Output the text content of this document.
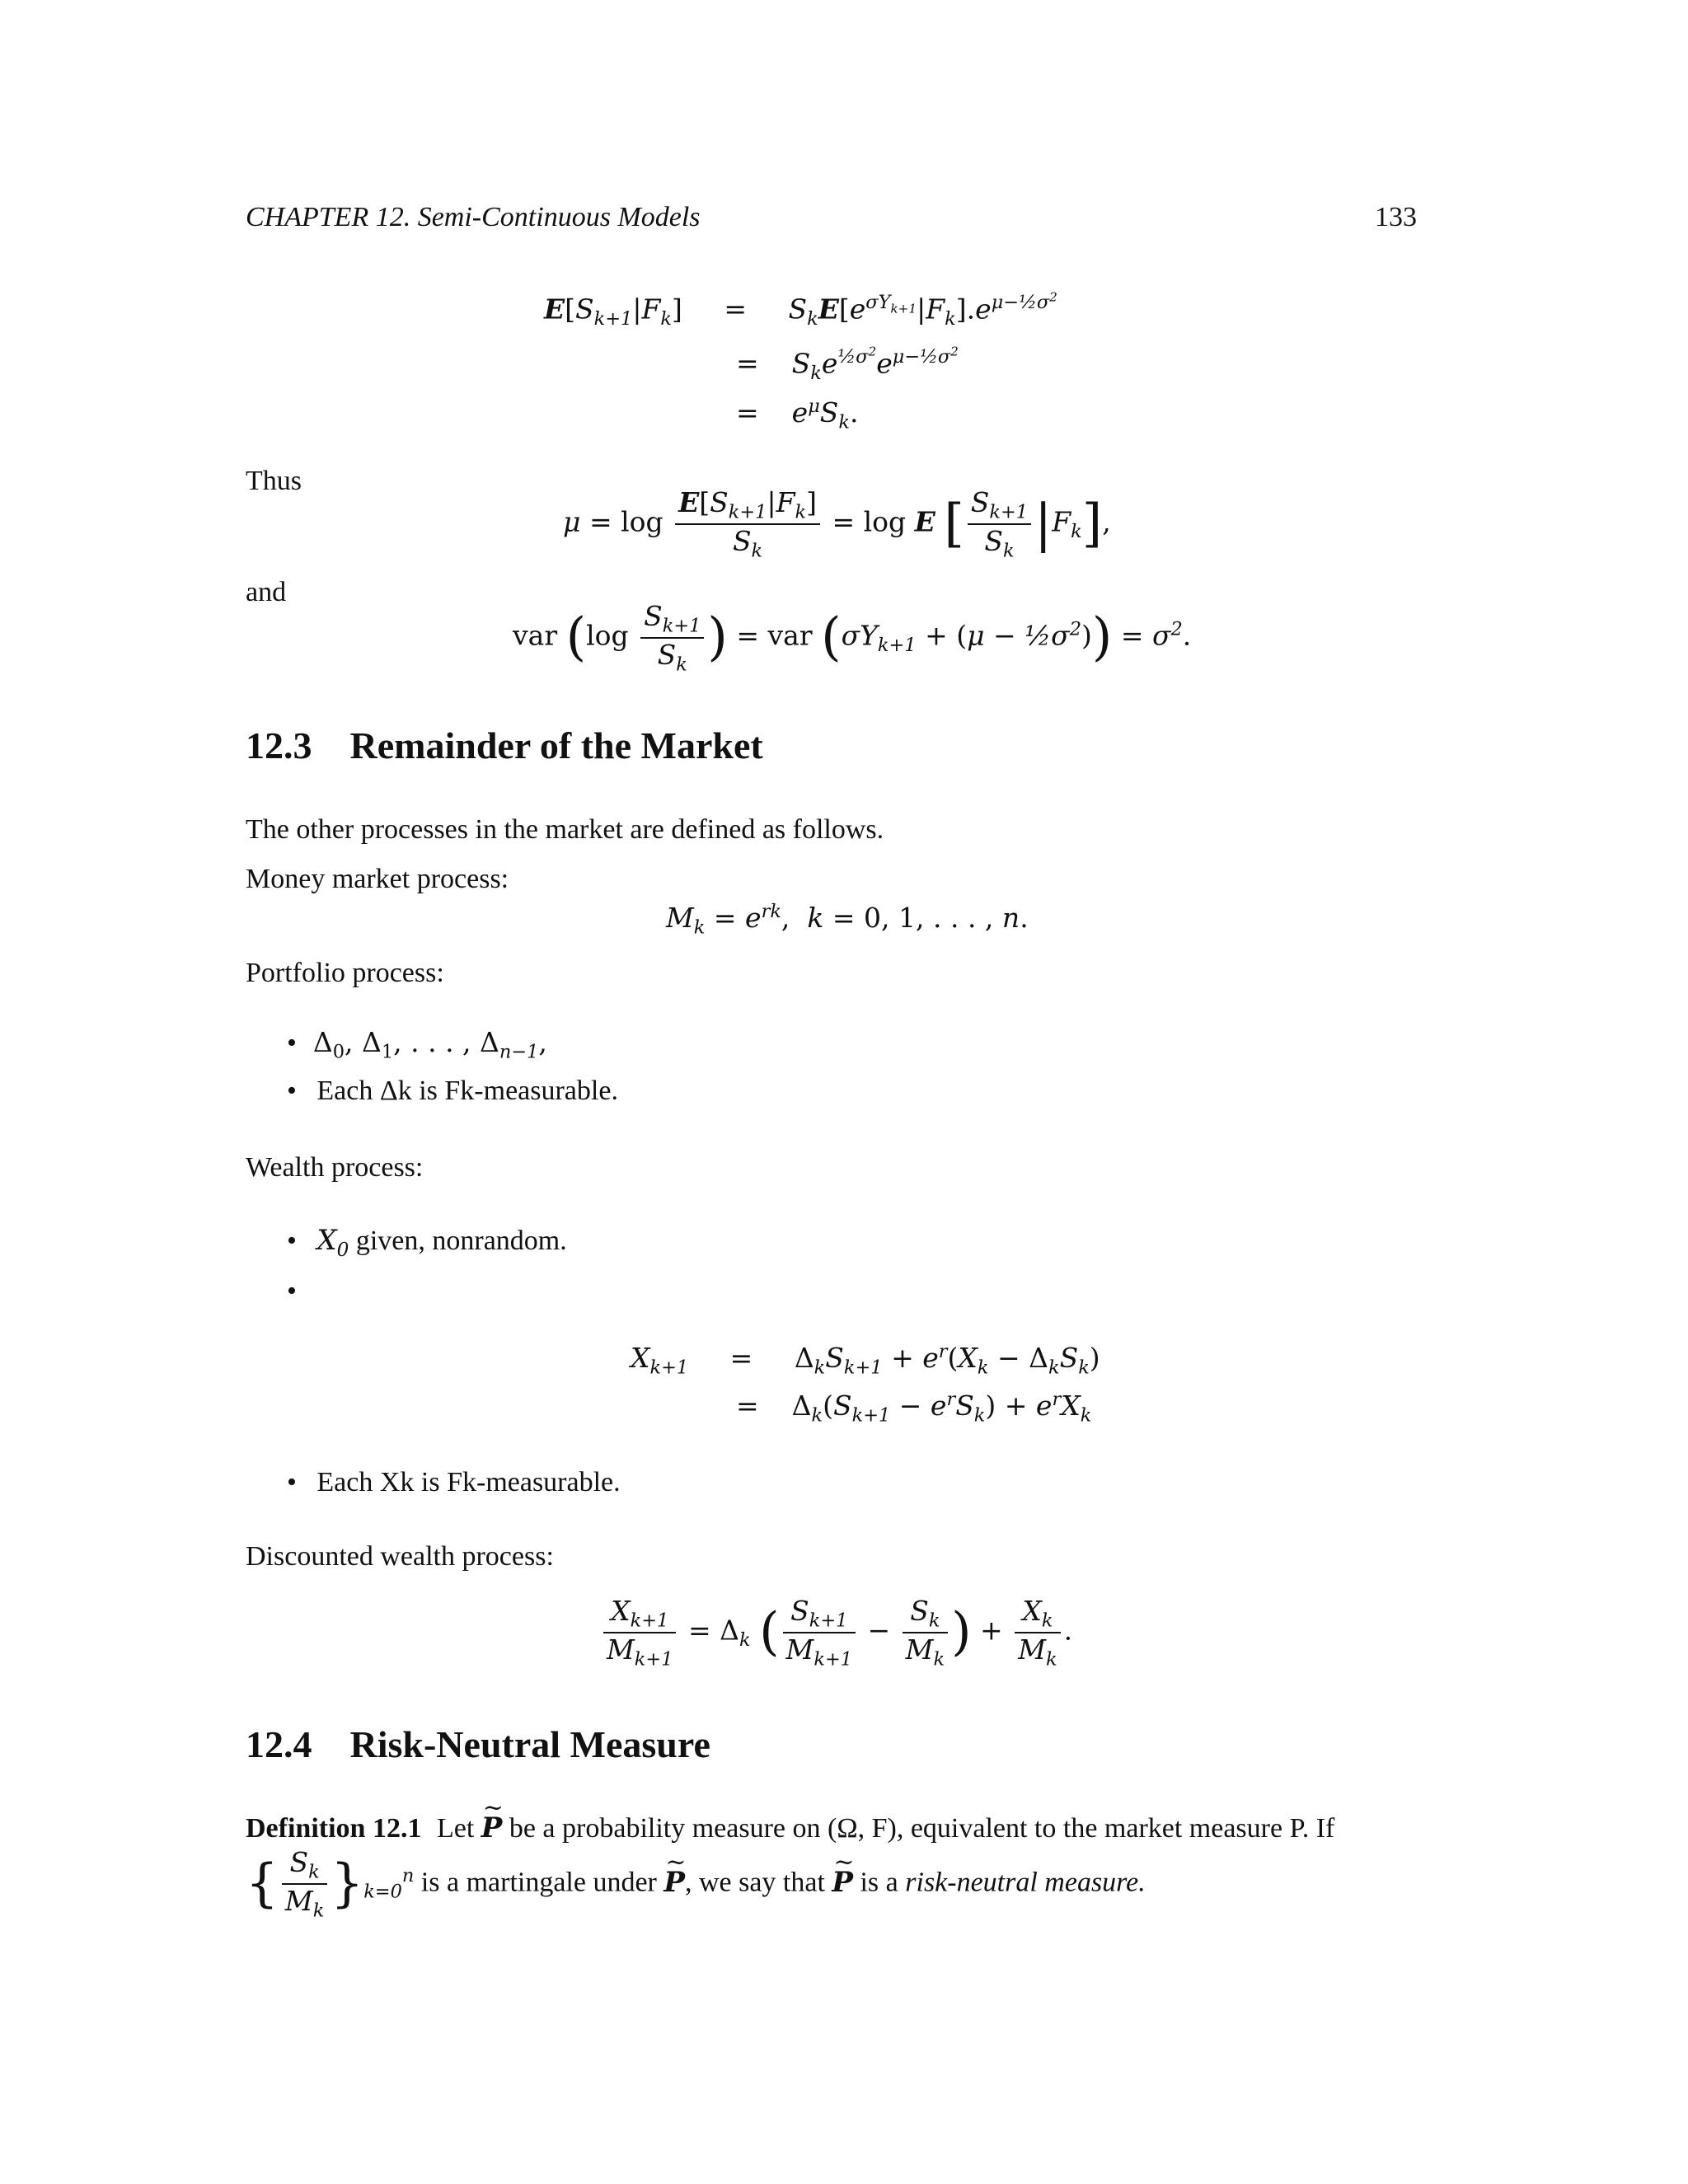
CHAPTER 12. Semi-Continuous Models	133
$E[S_{k+1}|F_k] = S_kE[e^{\sigma Y_{k+1}}|F_k].e^{\mu-\frac{1}{2}\sigma^2}$
= $S_ke^{\frac{1}{2}\sigma^2}e^{\mu-\frac{1}{2}\sigma^2}$
= $e^\mu S_k$.
Thus
$\mu = \log \frac{E[S_{k+1}|F_k]}{S_k} = \log E$ [ $\frac{S_{k+1}}{S_k} |F_k$],
and
var ($\log \frac{S_{k+1}}{S_k}$ ) = var ($\sigma Y_{k+1} + (\mu$ − $\frac{1}{2}\sigma^2)) = \sigma^2$.
12.3    Remainder of the Market
The other processes in the market are defined as follows.
Money market process:
$M_k = e^{rk}$,  k = 0, 1, . . . , n.
Portfolio process:
• $\Delta_0$, $\Delta_1$, . . . , $\Delta_{n-1}$,
• Each Δk is Fk-measurable.
Wealth process:
• $X_0$ given, nonrandom.
•
$X_{k+1} = \Delta_kS_{k+1} + e^r(X_k - \Delta_kS_k)$
= $\Delta_k(S_{k+1} - e^rS_k) + e^rX_k$
• Each Xk is Fk-measurable.
Discounted wealth process:
$\frac{X_{k+1}}{M_{k+1}} = \Delta_k$ ( $\frac{S_{k+1}}{M_{k+1}} - \frac{S_k}{M_k}$ ) + $\frac{X_k}{M_k}$ .
12.4    Risk-Neutral Measure
Definition 12.1 Let ~ P be a probability measure on (Ω, F), equivalent to the market measure P. If
{ $\frac{S_k}{M_k} \}_{k=0}^n$ is a martingale under ~ P, we say that ~ P is a risk-neutral measure.
